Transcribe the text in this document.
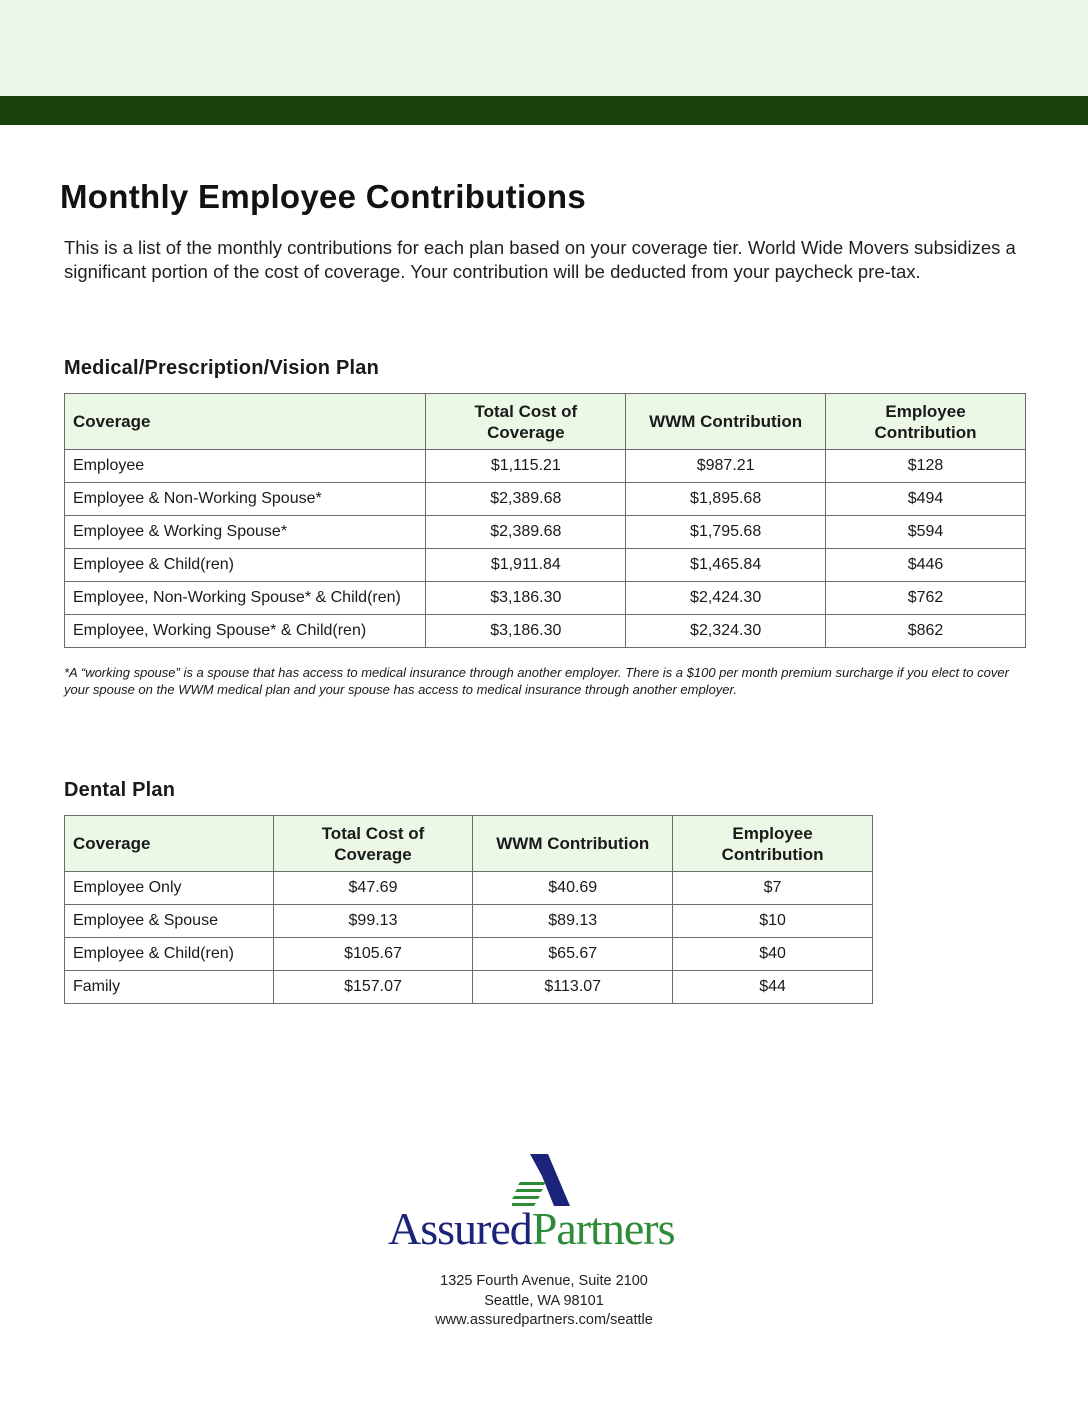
Monthly Employee Contributions

This is a list of the monthly contributions for each plan based on your coverage tier. World Wide Movers subsidizes a significant portion of the cost of coverage. Your contribution will be deducted from your paycheck pre-tax.

Medical/Prescription/Vision Plan
Coverage	Total Cost of Coverage	WWM Contribution	Employee Contribution
Employee	$1,115.21	$987.21	$128
Employee & Non-Working Spouse*	$2,389.68	$1,895.68	$494
Employee & Working Spouse*	$2,389.68	$1,795.68	$594
Employee & Child(ren)	$1,911.84	$1,465.84	$446
Employee, Non-Working Spouse* & Child(ren)	$3,186.30	$2,424.30	$762
Employee, Working Spouse* & Child(ren)	$3,186.30	$2,324.30	$862

*A “working spouse” is a spouse that has access to medical insurance through another employer. There is a $100 per month premium surcharge if you elect to cover your spouse on the WWM medical plan and your spouse has access to medical insurance through another employer.

Dental Plan
Coverage	Total Cost of Coverage	WWM Contribution	Employee Contribution
Employee Only	$47.69	$40.69	$7
Employee & Spouse	$99.13	$89.13	$10
Employee & Child(ren)	$105.67	$65.67	$40
Family	$157.07	$113.07	$44
AssuredPartners
1325 Fourth Avenue, Suite 2100
Seattle, WA 98101
www.assuredpartners.com/seattle
